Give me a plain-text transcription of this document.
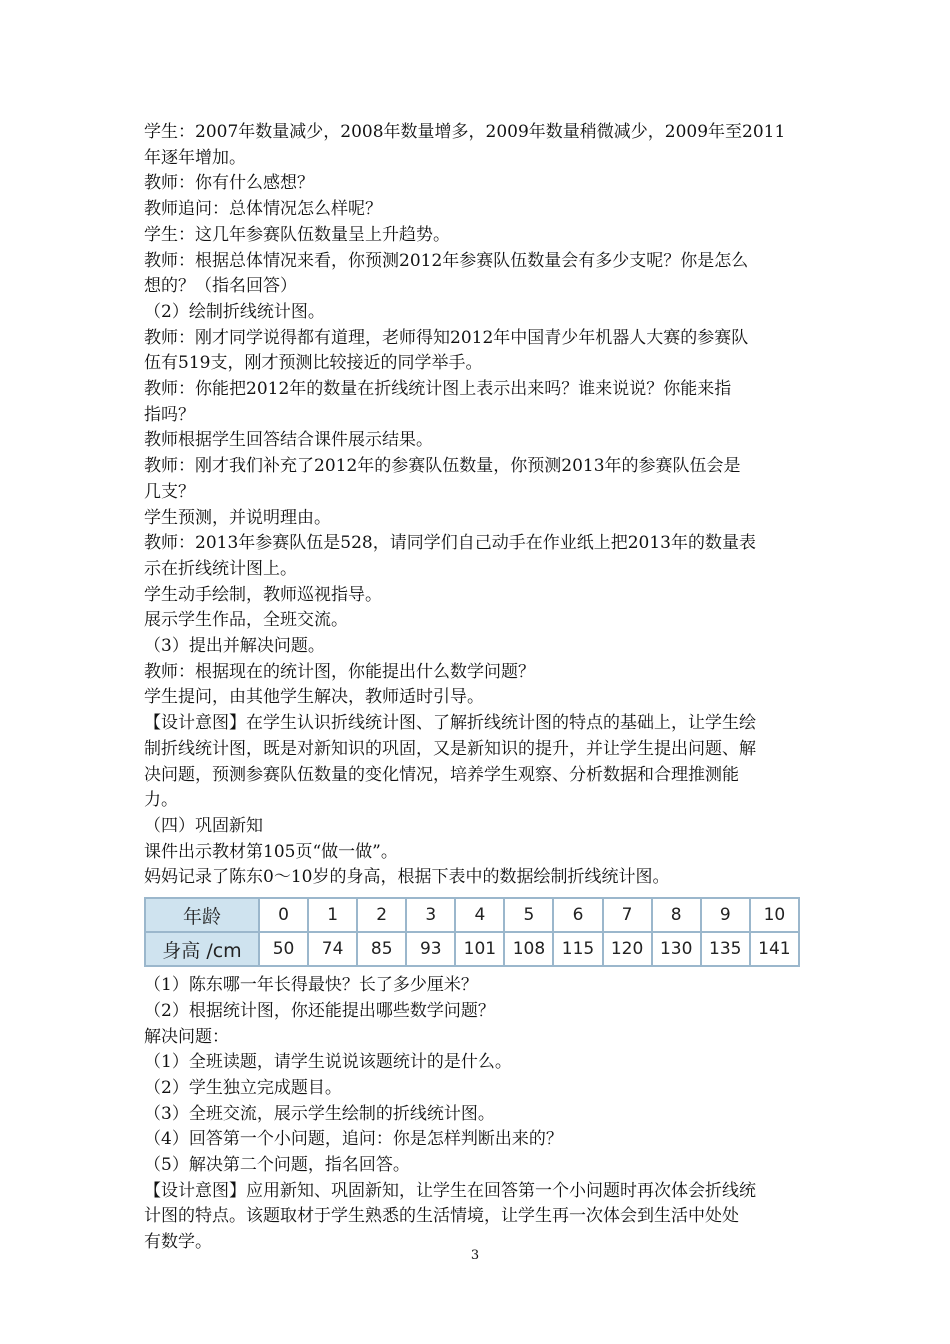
学生：2007年数量减少，2008年数量增多，2009年数量稍微减少，2009年至2011

年逐年增加。

教师：你有什么感想？

教师追问：总体情况怎么样呢？

学生：这几年参赛队伍数量呈上升趋势。

教师：根据总体情况来看，你预测2012年参赛队伍数量会有多少支呢？你是怎么

想的？（指名回答）

（2）绘制折线统计图。

教师：刚才同学说得都有道理，老师得知2012年中国青少年机器人大赛的参赛队

伍有519支，刚才预测比较接近的同学举手。

教师：你能把2012年的数量在折线统计图上表示出来吗？谁来说说？你能来指

指吗？

教师根据学生回答结合课件展示结果。

教师：刚才我们补充了2012年的参赛队伍数量，你预测2013年的参赛队伍会是

几支？

学生预测，并说明理由。

教师：2013年参赛队伍是528，请同学们自己动手在作业纸上把2013年的数量表

示在折线统计图上。

学生动手绘制，教师巡视指导。

展示学生作品，全班交流。

（3）提出并解决问题。

教师：根据现在的统计图，你能提出什么数学问题？

学生提问，由其他学生解决，教师适时引导。

【设计意图】在学生认识折线统计图、了解折线统计图的特点的基础上，让学生绘

制折线统计图，既是对新知识的巩固，又是新知识的提升，并让学生提出问题、解

决问题，预测参赛队伍数量的变化情况，培养学生观察、分析数据和合理推测能

力。

（四）巩固新知

课件出示教材第105页“做一做”。

妈妈记录了陈东0～10岁的身高，根据下表中的数据绘制折线统计图。

年龄	0	1	2	3	4	5	6	7	8	9	10
身高 /cm	50	74	85	93	101	108	115	120	130	135	141

（1）陈东哪一年长得最快？长了多少厘米？

（2）根据统计图，你还能提出哪些数学问题？

解决问题：

（1）全班读题，请学生说说该题统计的是什么。

（2）学生独立完成题目。

（3）全班交流，展示学生绘制的折线统计图。

（4）回答第一个小问题，追问：你是怎样判断出来的？

（5）解决第二个问题，指名回答。

【设计意图】应用新知、巩固新知，让学生在回答第一个小问题时再次体会折线统

计图的特点。该题取材于学生熟悉的生活情境，让学生再一次体会到生活中处处

有数学。

3
